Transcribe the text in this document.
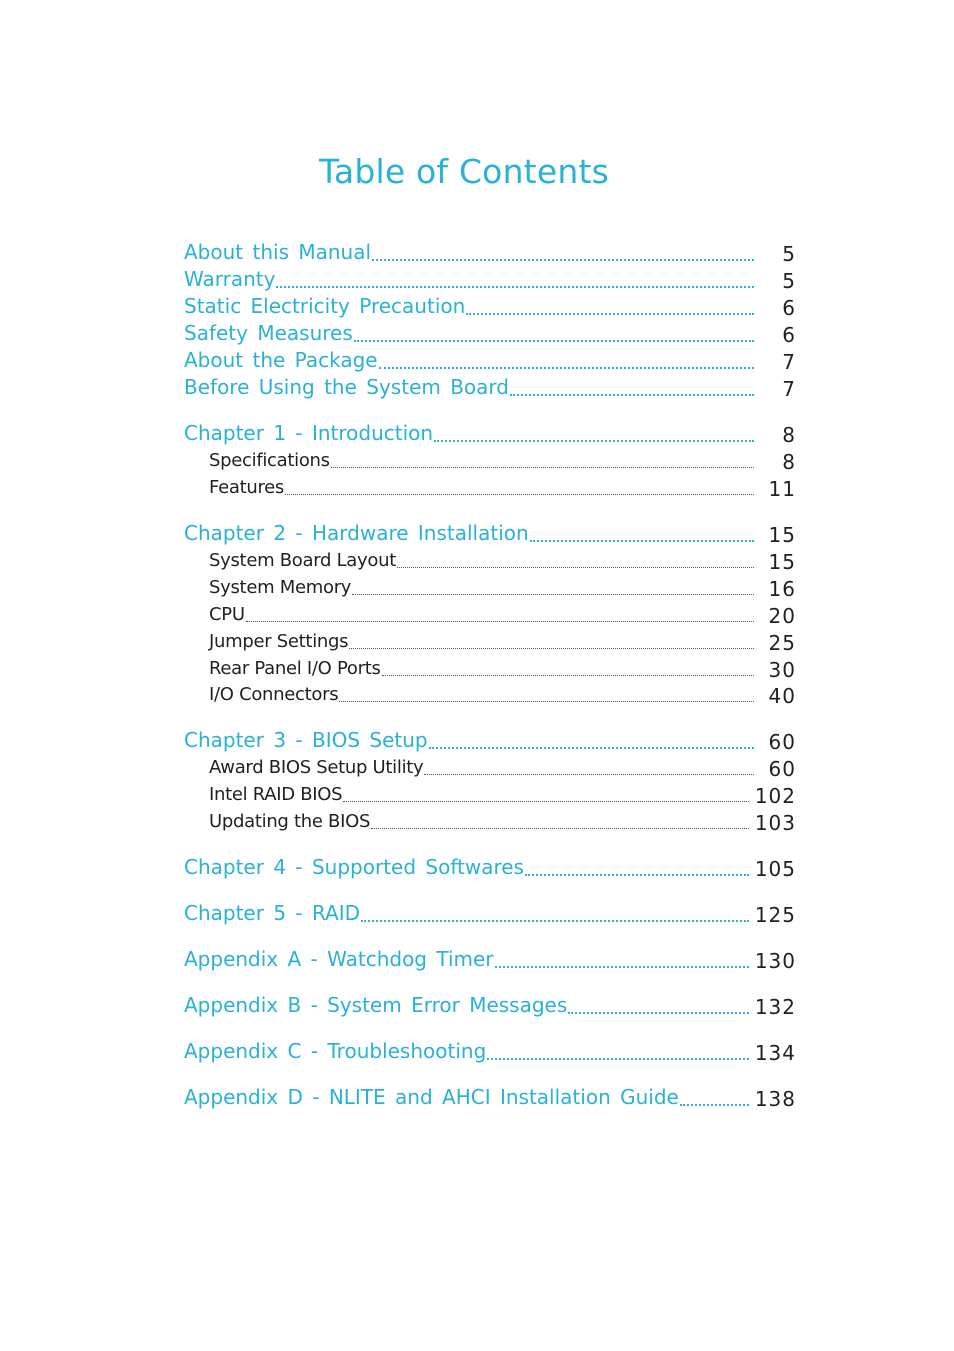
Table of Contents
About this Manual	5
Warranty	5
Static Electricity Precaution	6
Safety Measures	6
About the Package	7
Before Using the System Board	7
Chapter 1 - Introduction	8
Specifications	8
Features	11
Chapter 2 - Hardware Installation	15
System Board Layout	15
System Memory	16
CPU	20
Jumper Settings	25
Rear Panel I/O Ports	30
I/O Connectors	40
Chapter 3 - BIOS Setup	60
Award BIOS Setup Utility	60
Intel RAID BIOS	102
Updating the BIOS	103
Chapter 4 - Supported Softwares	105
Chapter 5 - RAID	125
Appendix A - Watchdog Timer	130
Appendix B - System Error Messages	132
Appendix C - Troubleshooting	134
Appendix D - NLITE and AHCI Installation Guide	138
